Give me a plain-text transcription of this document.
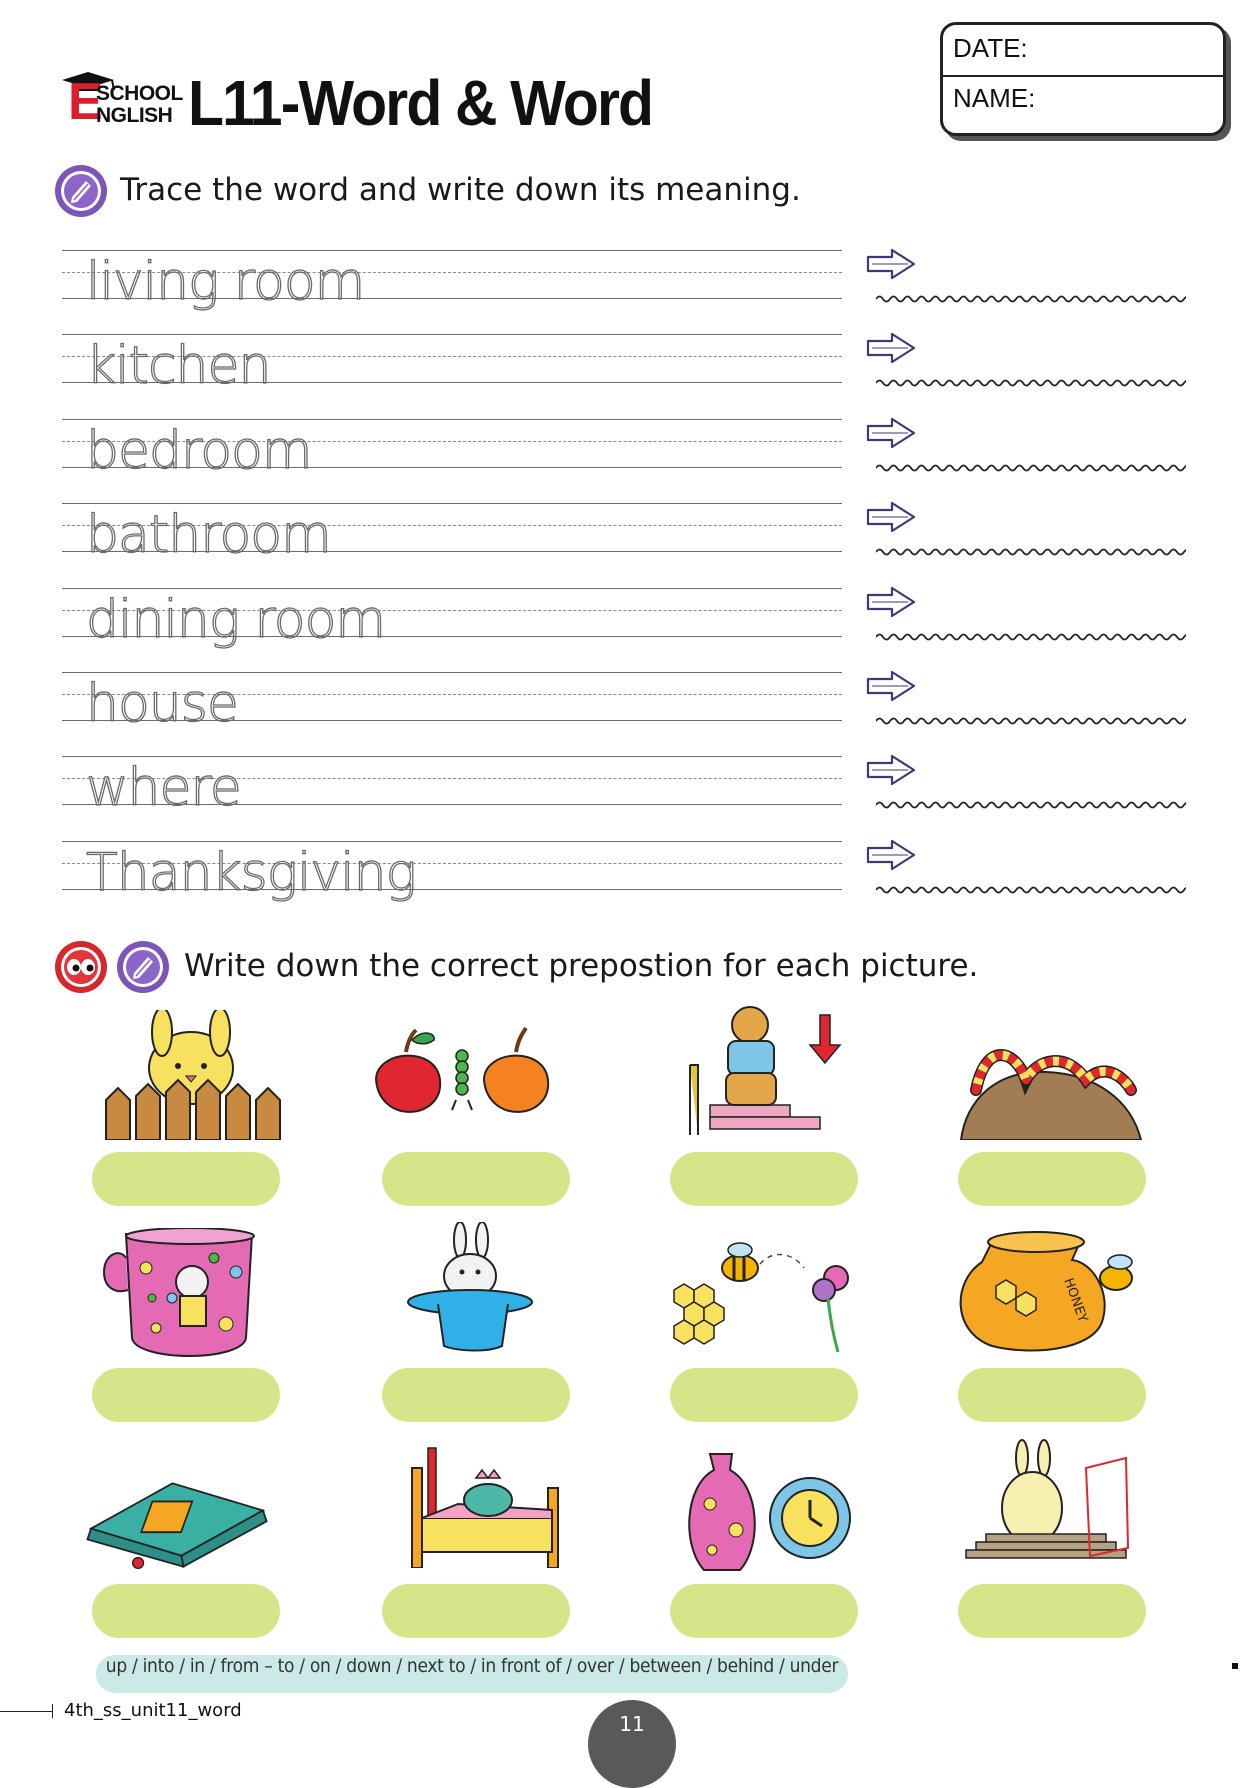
E
SCHOOL
NGLISH L11-Word & Word
DATE:
NAME:
Trace the word and write down its meaning.
living room
kitchen
bedroom
bathroom
dining room
house
where
Thanksgiving
Write down the correct prepostion for each picture.
HONEY
up / into / in / from – to / on / down / next to / in front of / over / between / behind / under
4th_ss_unit11_word
11
